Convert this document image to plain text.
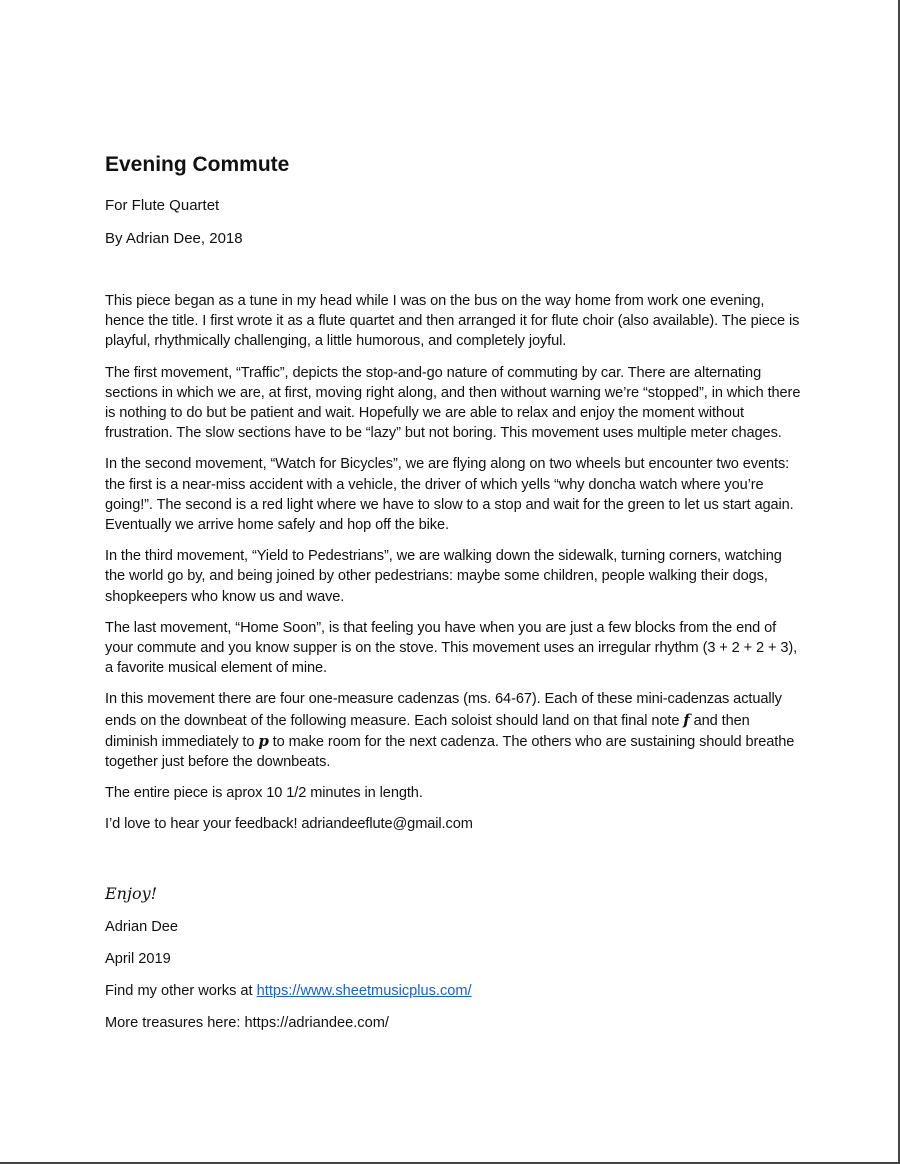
Evening Commute
For Flute Quartet
By Adrian Dee, 2018

This piece began as a tune in my head while I was on the bus on the way home from work one evening, hence the title. I first wrote it as a flute quartet and then arranged it for flute choir (also available). The piece is playful, rhythmically challenging, a little humorous, and completely joyful.

The first movement, “Traffic”, depicts the stop-and-go nature of commuting by car. There are alternating sections in which we are, at first, moving right along, and then without warning we’re “stopped”, in which there is nothing to do but be patient and wait. Hopefully we are able to relax and enjoy the moment without frustration. The slow sections have to be “lazy” but not boring. This movement uses multiple meter chages.

In the second movement, “Watch for Bicycles”, we are flying along on two wheels but encounter two events: the first is a near-miss accident with a vehicle, the driver of which yells “why doncha watch where you’re going!”. The second is a red light where we have to slow to a stop and wait for the green to let us start again. Eventually we arrive home safely and hop off the bike.

In the third movement, “Yield to Pedestrians”, we are walking down the sidewalk, turning corners, watching the world go by, and being joined by other pedestrians: maybe some children, people walking their dogs, shopkeepers who know us and wave.

The last movement, “Home Soon”, is that feeling you have when you are just a few blocks from the end of your commute and you know supper is on the stove. This movement uses an irregular rhythm (3 + 2 + 2 + 3), a favorite musical element of mine.

In this movement there are four one-measure cadenzas (ms. 64-67). Each of these mini-cadenzas actually ends on the downbeat of the following measure. Each soloist should land on that final note f and then diminish immediately to p to make room for the next cadenza. The others who are sustaining should breathe together just before the downbeats.

The entire piece is aprox 10 1/2 minutes in length.

I’d love to hear your feedback! adriandeeflute@gmail.com

Enjoy!
Adrian Dee
April 2019
Find my other works at https://www.sheetmusicplus.com/
More treasures here: https://adriandee.com/
